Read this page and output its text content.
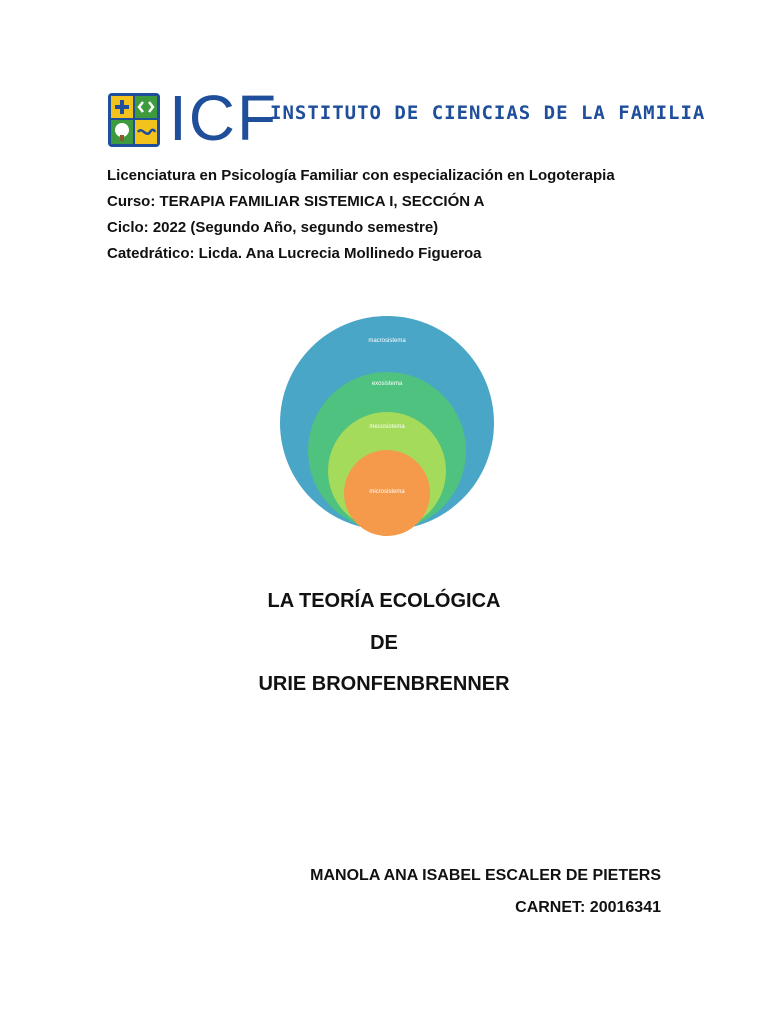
ICF
INSTITUTO DE CIENCIAS DE LA FAMILIA
Licenciatura en Psicología Familiar con especialización en Logoterapia
Curso: TERAPIA FAMILIAR SISTEMICA I, SECCIÓN A
Ciclo: 2022 (Segundo Año, segundo semestre)
Catedrático: Licda. Ana Lucrecia Mollinedo Figueroa
macrosistema
exosistema
mesosistema
microsistema
LA TEORÍA ECOLÓGICA
DE
URIE BRONFENBRENNER
MANOLA ANA ISABEL ESCALER DE PIETERS
CARNET: 20016341
